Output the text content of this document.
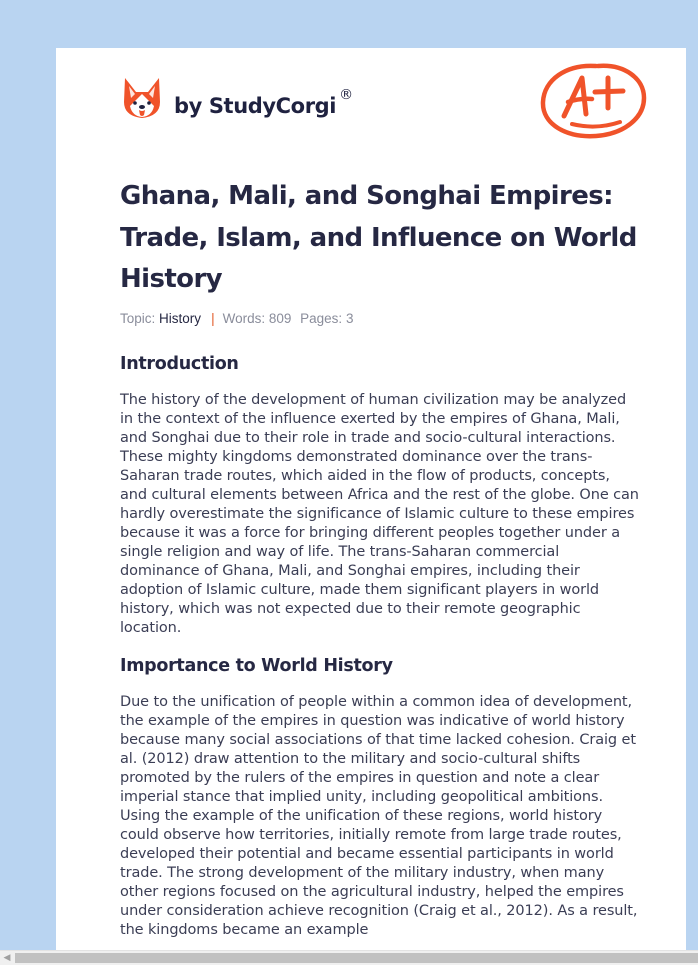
by StudyCorgi ®
Ghana, Mali, and Songhai Empires: Trade, Islam, and Influence on World History
Topic: History | Words: 809 Pages: 3
Introduction

The history of the development of human civilization may be analyzed in the context of the influence exerted by the empires of Ghana, Mali, and Songhai due to their role in trade and socio-cultural interactions. These mighty kingdoms demonstrated dominance over the trans-Saharan trade routes, which aided in the flow of products, concepts, and cultural elements between Africa and the rest of the globe. One can hardly overestimate the significance of Islamic culture to these empires because it was a force for bringing different peoples together under a single religion and way of life. The trans-Saharan commercial dominance of Ghana, Mali, and Songhai empires, including their adoption of Islamic culture, made them significant players in world history, which was not expected due to their remote geographic location.

Importance to World History

Due to the unification of people within a common idea of development, the example of the empires in question was indicative of world history because many social associations of that time lacked cohesion. Craig et al. (2012) draw attention to the military and socio-cultural shifts promoted by the rulers of the empires in question and note a clear imperial stance that implied unity, including geopolitical ambitions. Using the example of the unification of these regions, world history could observe how territories, initially remote from large trade routes, developed their potential and became essential participants in world trade. The strong development of the military industry, when many other regions focused on the agricultural industry, helped the empires under consideration achieve recognition (Craig et al., 2012). As a result, the kingdoms became an example

◀
